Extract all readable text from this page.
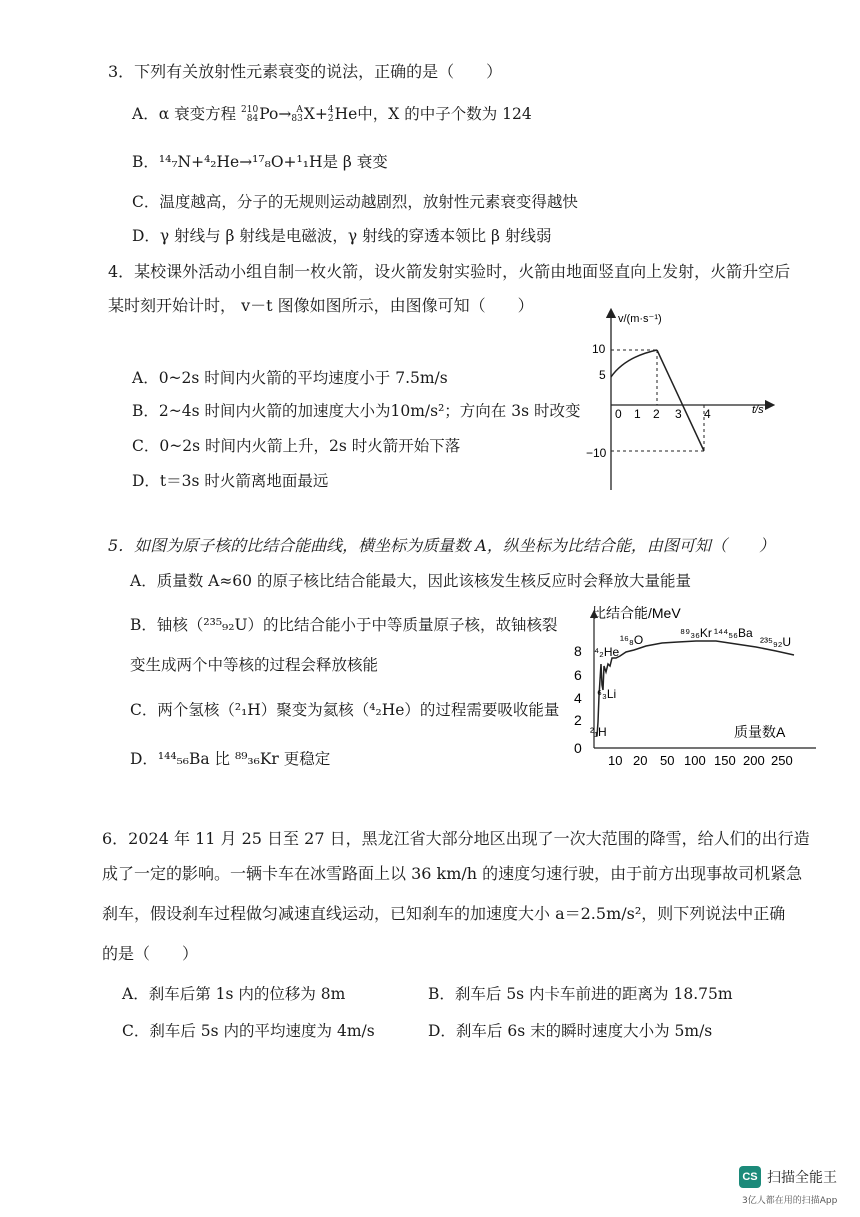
3．下列有关放射性元素衰变的说法，正确的是（　　）
A．α 衰变方程 210
84 Po→ A
83 X+ 4
2 He中，X 的中子个数为 124
B．¹⁴₇N+⁴₂He→¹⁷₈O+¹₁H是 β 衰变
C．温度越高，分子的无规则运动越剧烈，放射性元素衰变得越快
D．γ 射线与 β 射线是电磁波，γ 射线的穿透本领比 β 射线弱
4．某校课外活动小组自制一枚火箭，设火箭发射实验时，火箭由地面竖直向上发射，火箭升空后
某时刻开始计时， v－t 图像如图所示，由图像可知（　　）
A．0~2s 时间内火箭的平均速度小于 7.5m/s
B．2~4s 时间内火箭的加速度大小为10m/s²；方向在 3s 时改变
C．0~2s 时间内火箭上升，2s 时火箭开始下落
D．t＝3s 时火箭离地面最远
v/(m·s⁻¹)
t/s
10
5
−10
0 1 2 3 4
5．如图为原子核的比结合能曲线，横坐标为质量数 A，纵坐标为比结合能，由图可知（　　）
A．质量数 A≈60 的原子核比结合能最大，因此该核发生核反应时会释放大量能量
B．铀核（²³⁵₉₂U）的比结合能小于中等质量原子核，故铀核裂
变生成两个中等核的过程会释放核能
C．两个氢核（²₁H）聚变为氦核（⁴₂He）的过程需要吸收能量
D．¹⁴⁴₅₆Ba 比 ⁸⁹₃₆Kr 更稳定
比结合能/MeV
0
2
4
6
8
10 20 50 100 150 200 250
质量数A
²₁H
⁶₃Li
⁴₂He
¹⁶₈O	⁸⁹₃₆Kr ¹⁴⁴₅₆Ba
²³⁵₉₂U
6．2024 年 11 月 25 日至 27 日，黑龙江省大部分地区出现了一次大范围的降雪，给人们的出行造
成了一定的影响。一辆卡车在冰雪路面上以 36 km/h 的速度匀速行驶，由于前方出现事故司机紧急
刹车，假设刹车过程做匀减速直线运动，已知刹车的加速度大小 a＝2.5m/s²，则下列说法中正确
的是（　　）
A．刹车后第 1s 内的位移为 8m	B．刹车后 5s 内卡车前进的距离为 18.75m
C．刹车后 5s 内的平均速度为 4m/s	D．刹车后 6s 末的瞬时速度大小为 5m/s
CS 扫描全能王
3亿人都在用的扫描App
